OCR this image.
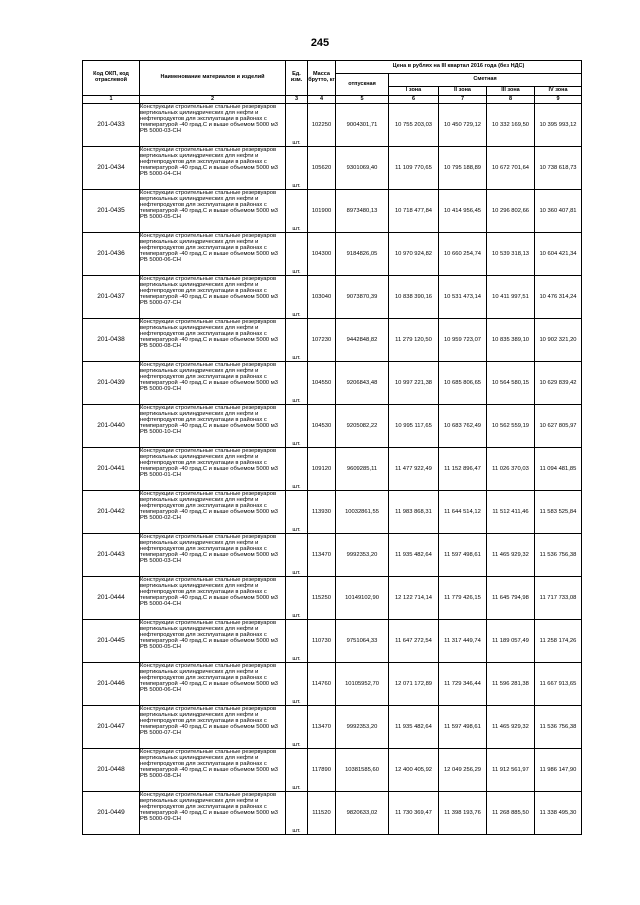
245
Код ОКП, код отраслевой	Наименование материалов и изделий	Ед. изм.	Масса брутто, кг	Цена в рублях на III квартал 2016 года (без НДС)				
				отпускная	Сметная			
					I зона	II зона	III зона	IV зона
1	2	3	4	5	6	7	8	9
201-0433	Конструкции строительные стальные резервуаров вертикальных цилиндрических для нефти и нефтепродуктов для эксплуатации в районах с температурой -40 град.С и выше объемом 5000 м3 РВ 5000-03-СН	шт.	102250	9004301,71	10 755 203,03	10 450 729,12	10 332 169,50	10 395 993,12
201-0434	Конструкции строительные стальные резервуаров вертикальных цилиндрических для нефти и нефтепродуктов для эксплуатации в районах с температурой -40 град.С и выше объемом 5000 м3 РВ 5000-04-СН	шт.	105620	9301069,40	11 109 770,65	10 795 188,89	10 672 701,64	10 738 618,73
201-0435	Конструкции строительные стальные резервуаров вертикальных цилиндрических для нефти и нефтепродуктов для эксплуатации в районах с температурой -40 град.С и выше объемом 5000 м3 РВ 5000-05-СН	шт.	101900	8973480,13	10 718 477,84	10 414 956,45	10 296 802,66	10 360 407,81
201-0436	Конструкции строительные стальные резервуаров вертикальных цилиндрических для нефти и нефтепродуктов для эксплуатации в районах с температурой -40 град.С и выше объемом 5000 м3 РВ 5000-06-СН	шт.	104300	9184826,05	10 970 924,82	10 660 254,74	10 539 318,13	10 604 421,34
201-0437	Конструкции строительные стальные резервуаров вертикальных цилиндрических для нефти и нефтепродуктов для эксплуатации в районах с температурой -40 град.С и выше объемом 5000 м3 РВ 5000-07-СН	шт.	103040	9073870,39	10 838 390,16	10 531 473,14	10 411 997,51	10 476 314,24
201-0438	Конструкции строительные стальные резервуаров вертикальных цилиндрических для нефти и нефтепродуктов для эксплуатации в районах с температурой -40 град.С и выше объемом 5000 м3 РВ 5000-08-СН	шт.	107230	9442848,82	11 279 120,50	10 959 723,07	10 835 389,10	10 902 321,20
201-0439	Конструкции строительные стальные резервуаров вертикальных цилиндрических для нефти и нефтепродуктов для эксплуатации в районах с температурой -40 град.С и выше объемом 5000 м3 РВ 5000-09-СН	шт.	104550	9206843,48	10 997 221,38	10 685 806,65	10 564 580,15	10 629 839,42
201-0440	Конструкции строительные стальные резервуаров вертикальных цилиндрических для нефти и нефтепродуктов для эксплуатации в районах с температурой -40 град.С и выше объемом 5000 м3 РВ 5000-10-СН	шт.	104530	9205082,22	10 995 117,65	10 683 762,49	10 562 559,19	10 627 805,97
201-0441	Конструкции строительные стальные резервуаров вертикальных цилиндрических для нефти и нефтепродуктов для эксплуатации в районах с температурой -40 град.С и выше объемом 5000 м3 РВ 5000-01-СН	шт.	109120	9609285,11	11 477 922,49	11 152 896,47	11 026 370,03	11 094 481,85
201-0442	Конструкции строительные стальные резервуаров вертикальных цилиндрических для нефти и нефтепродуктов для эксплуатации в районах с температурой -40 град.С и выше объемом 5000 м3 РВ 5000-02-СН	шт.	113930	10032861,55	11 983 868,31	11 644 514,12	11 512 411,46	11 583 525,84
201-0443	Конструкции строительные стальные резервуаров вертикальных цилиндрических для нефти и нефтепродуктов для эксплуатации в районах с температурой -40 град.С и выше объемом 5000 м3 РВ 5000-03-СН	шт.	113470	9992353,20	11 935 482,64	11 597 498,61	11 465 929,32	11 536 756,38
201-0444	Конструкции строительные стальные резервуаров вертикальных цилиндрических для нефти и нефтепродуктов для эксплуатации в районах с температурой -40 град.С и выше объемом 5000 м3 РВ 5000-04-СН	шт.	115250	10149102,90	12 122 714,14	11 779 426,15	11 645 794,98	11 717 733,08
201-0445	Конструкции строительные стальные резервуаров вертикальных цилиндрических для нефти и нефтепродуктов для эксплуатации в районах с температурой -40 град.С и выше объемом 5000 м3 РВ 5000-05-СН	шт.	110730	9751064,33	11 647 272,54	11 317 449,74	11 189 057,49	11 258 174,26
201-0446	Конструкции строительные стальные резервуаров вертикальных цилиндрических для нефти и нефтепродуктов для эксплуатации в районах с температурой -40 град.С и выше объемом 5000 м3 РВ 5000-06-СН	шт.	114760	10105952,70	12 071 172,89	11 729 346,44	11 596 281,38	11 667 913,65
201-0447	Конструкции строительные стальные резервуаров вертикальных цилиндрических для нефти и нефтепродуктов для эксплуатации в районах с температурой -40 град.С и выше объемом 5000 м3 РВ 5000-07-СН	шт.	113470	9992353,20	11 935 482,64	11 597 498,61	11 465 929,32	11 536 756,38
201-0448	Конструкции строительные стальные резервуаров вертикальных цилиндрических для нефти и нефтепродуктов для эксплуатации в районах с температурой -40 град.С и выше объемом 5000 м3 РВ 5000-08-СН	шт.	117890	10381585,60	12 400 405,92	12 049 256,29	11 912 561,97	11 986 147,90
201-0449	Конструкции строительные стальные резервуаров вертикальных цилиндрических для нефти и нефтепродуктов для эксплуатации в районах с температурой -40 град.С и выше объемом 5000 м3 РВ 5000-09-СН	шт.	111520	9820633,02	11 730 369,47	11 398 193,76	11 268 885,50	11 338 495,30
